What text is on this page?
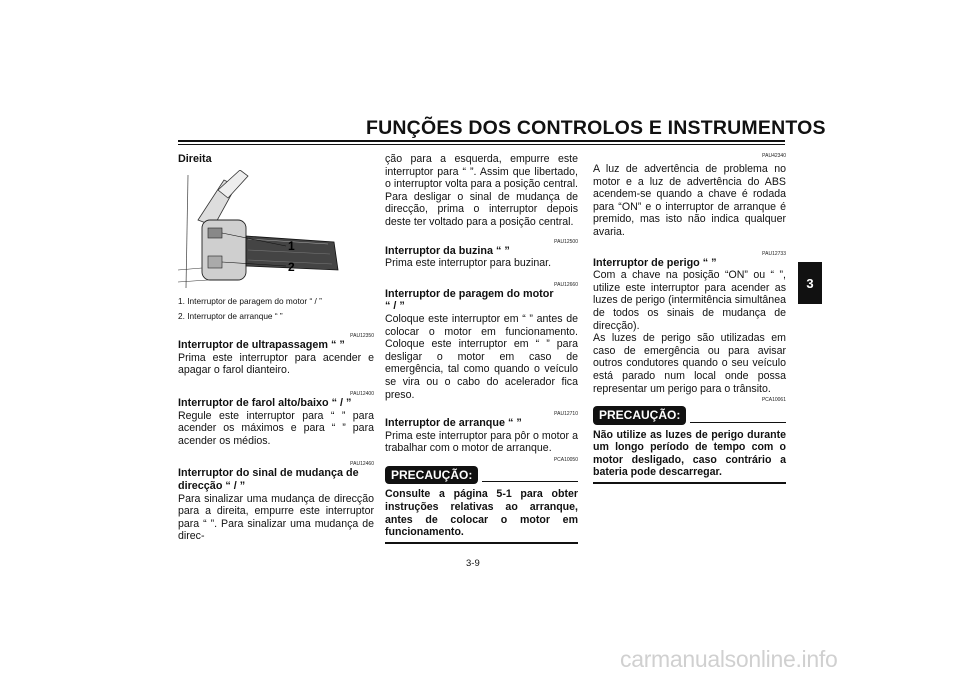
FUNÇÕES DOS CONTROLOS E INSTRUMENTOS
3
Direita
1
2
1. Interruptor de paragem do motor “ / ”
2. Interruptor de arranque “ ”
PAU12350
Interruptor de ultrapassagem “ ”
Prima este interruptor para acender e apagar o farol dianteiro.
PAU12400
Interruptor de farol alto/baixo “ / ”
Regule este interruptor para “ ” para acender os máximos e para “ ” para acender os médios.
PAU12460
Interruptor do sinal de mudança de direcção “ / ”
Para sinalizar uma mudança de direcção para a direita, empurre este interruptor para “ ”. Para sinalizar uma mudança de direc-
ção para a esquerda, empurre este interruptor para “ ”. Assim que libertado, o interruptor volta para a posição central. Para desligar o sinal de mudança de direcção, prima o interruptor depois deste ter voltado para a posição central.
PAU12500
Interruptor da buzina “ ”
Prima este interruptor para buzinar.
PAU12660
Interruptor de paragem do motor
“ / ”
Coloque este interruptor em “ ” antes de colocar o motor em funcionamento. Coloque este interruptor em “ ” para desligar o motor em caso de emergência, tal como quando o veículo se vira ou o cabo do acelerador fica preso.
PAU12710
Interruptor de arranque “ ”
Prima este interruptor para pôr o motor a trabalhar com o motor de arranque.
PCA10050
PRECAUÇÃO:
Consulte a página 5-1 para obter instruções relativas ao arranque, antes de colocar o motor em funcionamento.
PAU42340
A luz de advertência de problema no motor e a luz de advertência do ABS acendem-se quando a chave é rodada para “ON” e o interruptor de arranque é premido, mas isto não indica qualquer avaria.
PAU12733
Interruptor de perigo “ ”
Com a chave na posição “ON” ou “ ”, utilize este interruptor para acender as luzes de perigo (intermitência simultânea de todos os sinais de mudança de direcção).
As luzes de perigo são utilizadas em caso de emergência ou para avisar outros condutores quando o seu veículo está parado num local onde possa representar um perigo para o trânsito.
PCA10061
PRECAUÇÃO:
Não utilize as luzes de perigo durante um longo período de tempo com o motor desligado, caso contrário a bateria pode descarregar.
3-9
carmanualsonline.info
